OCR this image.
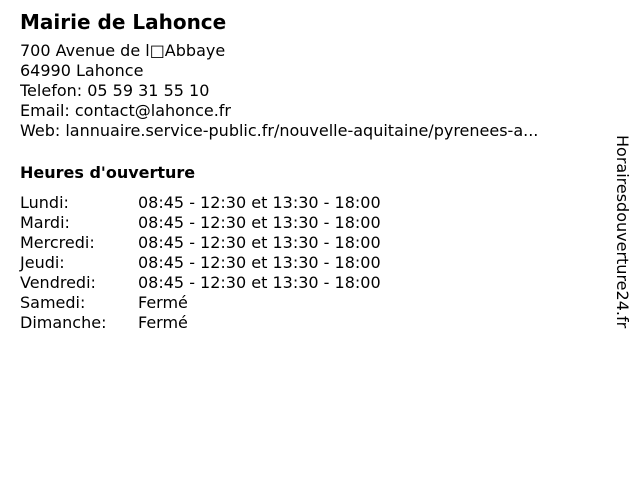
Mairie de Lahonce
700 Avenue de l□Abbaye
64990 Lahonce
Telefon: 05 59 31 55 10
Email: contact@lahonce.fr
Web: lannuaire.service-public.fr/nouvelle-aquitaine/pyrenees-a...
Heures d'ouverture
Lundi:	08:45 - 12:30 et 13:30 - 18:00
Mardi:	08:45 - 12:30 et 13:30 - 18:00
Mercredi:	08:45 - 12:30 et 13:30 - 18:00
Jeudi:	08:45 - 12:30 et 13:30 - 18:00
Vendredi:	08:45 - 12:30 et 13:30 - 18:00
Samedi:	Fermé
Dimanche:	Fermé	Horairesdouverture24.fr
